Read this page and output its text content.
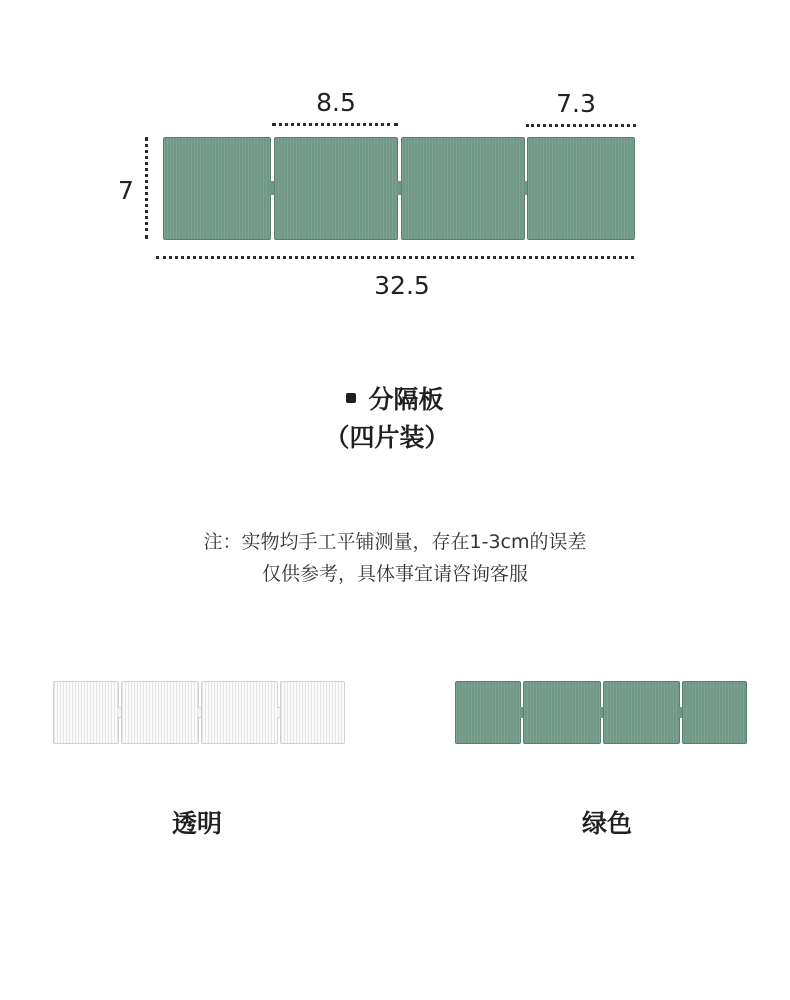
8.5	7.3
7
32.5
分隔板
（四片装）
注：实物均手工平铺测量，存在1-3cm的误差
仅供参考，具体事宜请咨询客服
透明	绿色
